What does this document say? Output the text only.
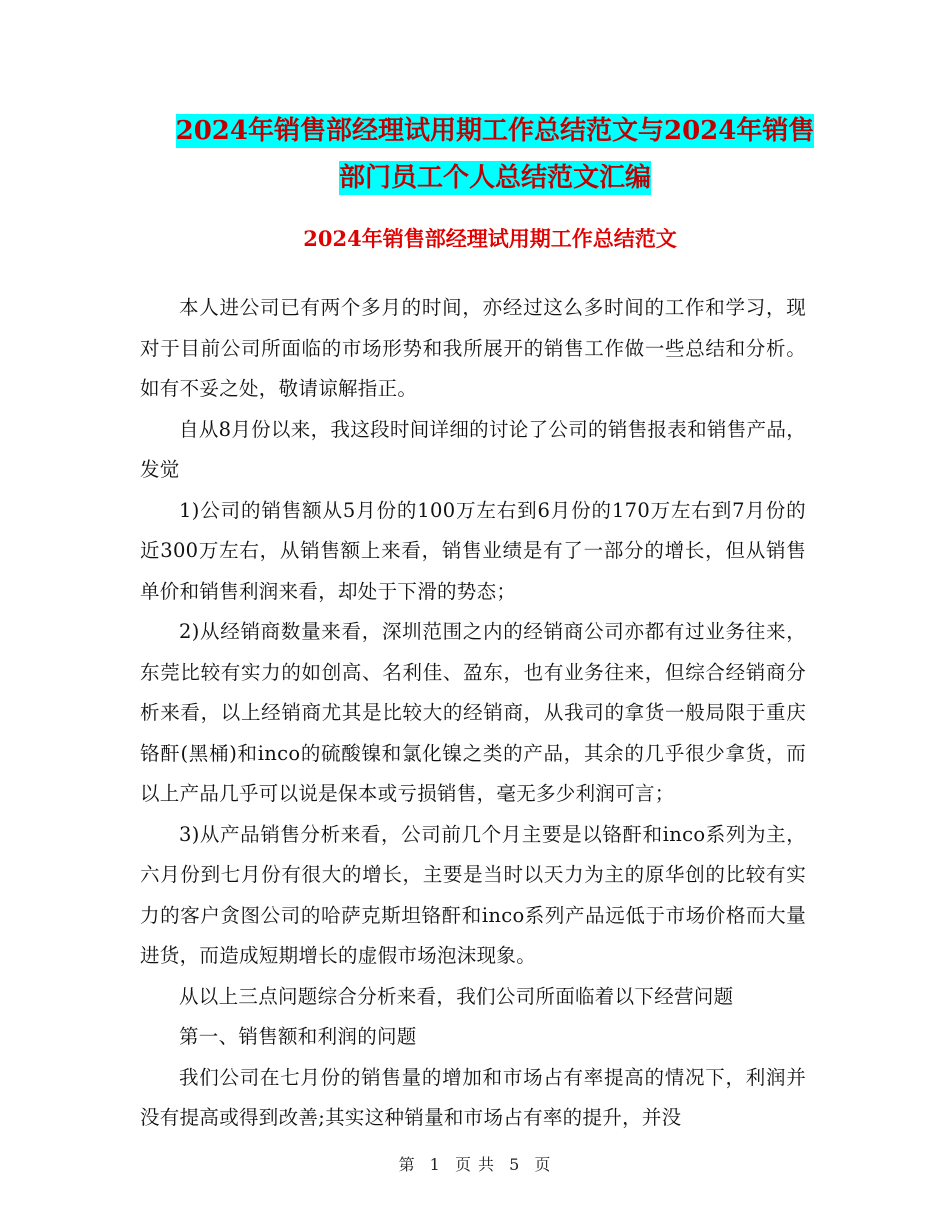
2024年销售部经理试用期工作总结范文与2024年销售
部门员工个人总结范文汇编
2024年销售部经理试用期工作总结范文

本人进公司已有两个多月的时间，亦经过这么多时间的工作和学习，现对于目前公司所面临的市场形势和我所展开的销售工作做一些总结和分析。如有不妥之处，敬请谅解指正。

自从8月份以来，我这段时间详细的讨论了公司的销售报表和销售产品，发觉

1)公司的销售额从5月份的100万左右到6月份的170万左右到7月份的近300万左右，从销售额上来看，销售业绩是有了一部分的增长，但从销售单价和销售利润来看，却处于下滑的势态；

2)从经销商数量来看，深圳范围之内的经销商公司亦都有过业务往来，东莞比较有实力的如创高、名利佳、盈东，也有业务往来，但综合经销商分析来看，以上经销商尤其是比较大的经销商，从我司的拿货一般局限于重庆铬酐(黑桶)和inco的硫酸镍和氯化镍之类的产品，其余的几乎很少拿货，而以上产品几乎可以说是保本或亏损销售，毫无多少利润可言；

3)从产品销售分析来看，公司前几个月主要是以铬酐和inco系列为主，六月份到七月份有很大的增长，主要是当时以天力为主的原华创的比较有实力的客户贪图公司的哈萨克斯坦铬酐和inco系列产品远低于市场价格而大量进货，而造成短期增长的虚假市场泡沫现象。

从以上三点问题综合分析来看，我们公司所面临着以下经营问题

第一、销售额和利润的问题

我们公司在七月份的销售量的增加和市场占有率提高的情况下，利润并没有提高或得到改善;其实这种销量和市场占有率的提升，并没

第 1 页 共 5 页
